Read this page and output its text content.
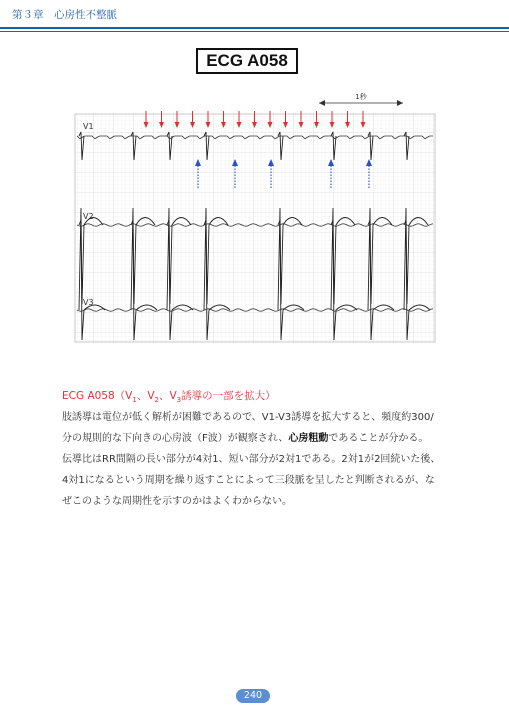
第３章　心房性不整脈
ECG A058
1秒
V1
V2
V3
ECG $A058(V_1$、$V_2$、$V_3$誘導の一部を拡大）
肢誘導は電位が低く解析が困難であるので、V1-V3誘導を拡大すると、頻度約300/
分の規則的な下向きの心房波（F波）が観察され、心房粗動であることが分かる。
伝導比はRR間隔の長い部分が4対1、短い部分が2対1である。2対1が2回続いた後、
4対1になるという周期を繰り返すことによって三段脈を呈したと判断されるが、な
ぜこのような周期性を示すのかはよくわからない。
240
